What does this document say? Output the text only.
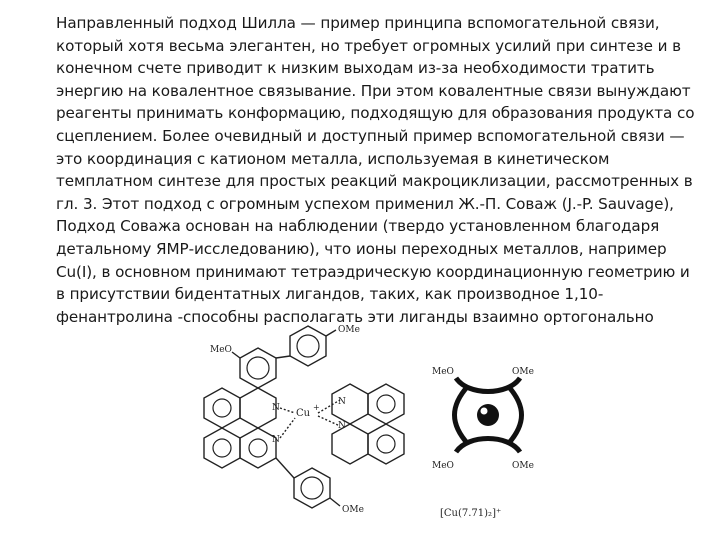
Направленный подход Шилла — пример принципа вспомогательной связи,
который хотя весьма элегантен, но требует огромных усилий при синтезе и в
конечном счете приводит к низким выходам из-за необходимости тратить
энергию на ковалентное связывание. При этом ковалентные связи вынуждают
реагенты принимать конформацию, подходящую для образования продукта со
сцеплением. Более очевидный и доступный пример вспомогательной связи —
это координация с катионом металла, используемая в кинетическом
темплатном синтезе для простых реакций макроциклизации, рассмотренных в
гл. 3. Этот подход с огромным успехом применил Ж.-П. Соваж (J.-P. Sauvage),
Подход Соважа основан на наблюдении (твердо установленном благодаря
детальному ЯМР-исследованию), что ионы переходных металлов, например
Cu(I), в основном принимают тетраэдрическую координационную геометрию и
в присутствии бидентатных лигандов, таких, как производное 1,10-
фенантролина -способны располагать эти лиганды взаимно ортогонально
OMe
MeO
N
N
Cu
+
N
N
OMe
MeO	OMe
MeO	OMe
[Cu(7.71)₂]⁺
